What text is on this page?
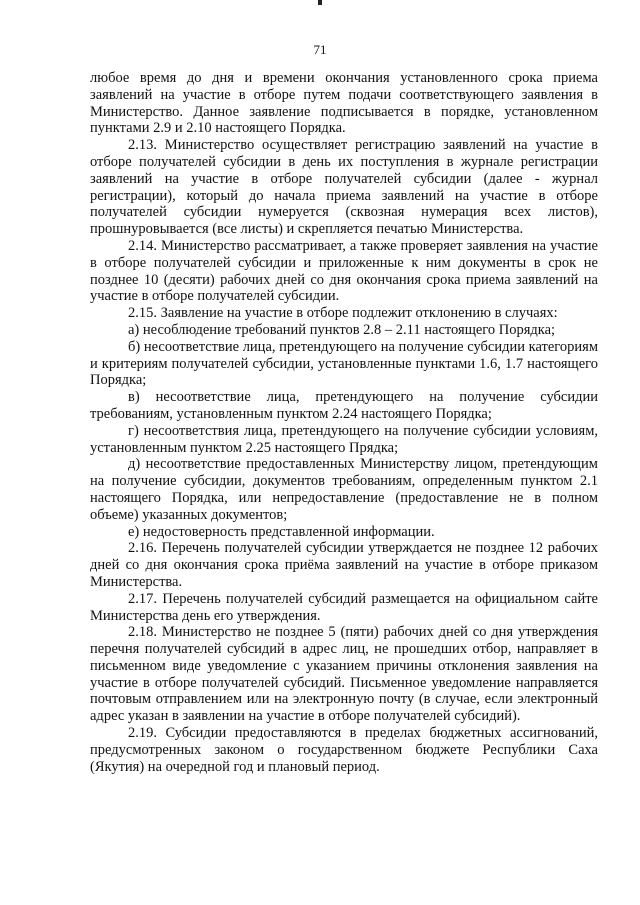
71

любое время до дня и времени окончания установленного срока приема заявлений на участие в отборе путем подачи соответствующего заявления в Министерство. Данное заявление подписывается в порядке, установленном пунктами 2.9 и 2.10 настоящего Порядка.

2.13. Министерство осуществляет регистрацию заявлений на участие в отборе получателей субсидии в день их поступления в журнале регистрации заявлений на участие в отборе получателей субсидии (далее - журнал регистрации), который до начала приема заявлений на участие в отборе получателей субсидии нумеруется (сквозная нумерация всех листов), прошнуровывается (все листы) и скрепляется печатью Министерства.

2.14. Министерство рассматривает, а также проверяет заявления на участие в отборе получателей субсидии и приложенные к ним документы в срок не позднее 10 (десяти) рабочих дней со дня окончания срока приема заявлений на участие в отборе получателей субсидии.

2.15. Заявление на участие в отборе подлежит отклонению в случаях:

а) несоблюдение требований пунктов 2.8 – 2.11 настоящего Порядка;

б) несоответствие лица, претендующего на получение субсидии категориям и критериям получателей субсидии, установленные пунктами 1.6, 1.7 настоящего Порядка;

в) несоответствие лица, претендующего на получение субсидии требованиям, установленным пунктом 2.24 настоящего Порядка;

г) несоответствия лица, претендующего на получение субсидии условиям, установленным пунктом 2.25 настоящего Прядка;

д) несоответствие предоставленных Министерству лицом, претендующим на получение субсидии, документов требованиям, определенным пунктом 2.1 настоящего Порядка, или непредоставление (предоставление не в полном объеме) указанных документов;

е) недостоверность представленной информации.

2.16. Перечень получателей субсидии утверждается не позднее 12 рабочих дней со дня окончания срока приёма заявлений на участие в отборе приказом Министерства.

2.17. Перечень получателей субсидий размещается на официальном сайте Министерства день его утверждения.

2.18. Министерство не позднее 5 (пяти) рабочих дней со дня утверждения перечня получателей субсидий в адрес лиц, не прошедших отбор, направляет в письменном виде уведомление с указанием причины отклонения заявления на участие в отборе получателей субсидий. Письменное уведомление направляется почтовым отправлением или на электронную почту (в случае, если электронный адрес указан в заявлении на участие в отборе получателей субсидий).

2.19. Субсидии предоставляются в пределах бюджетных ассигнований, предусмотренных законом о государственном бюджете Республики Саха (Якутия) на очередной год и плановый период.
